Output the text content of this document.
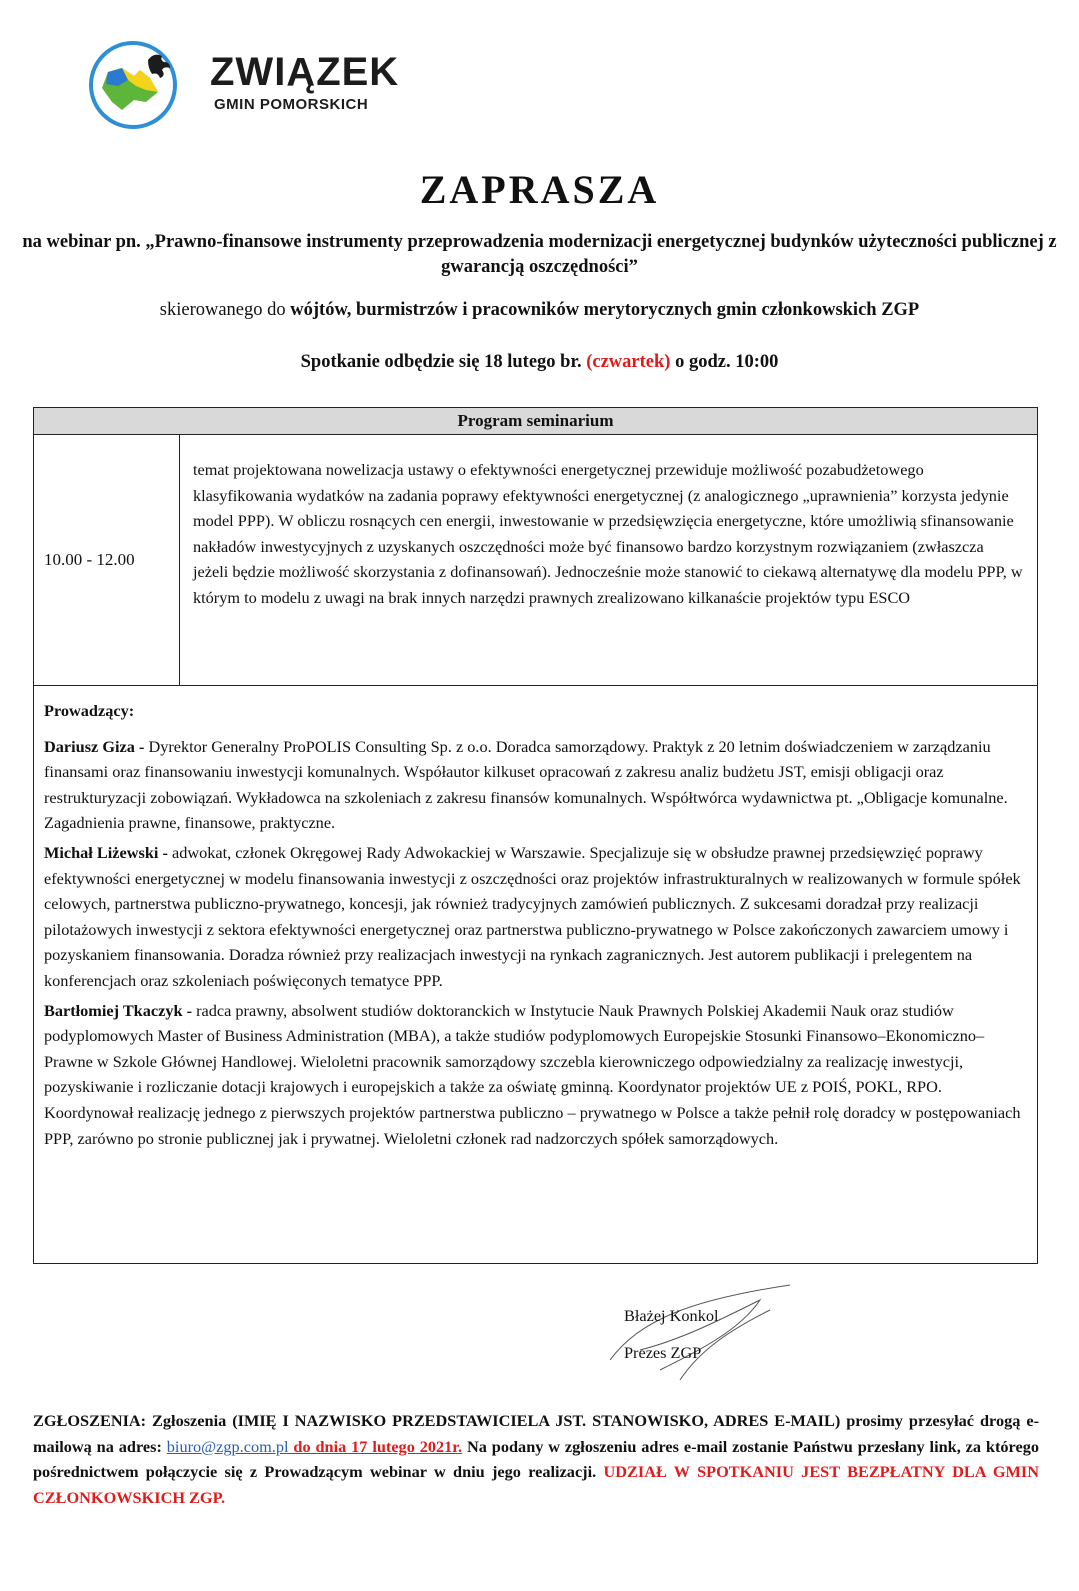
ZWIĄZEK
GMIN POMORSKICH
ZAPRASZA
na webinar pn. „Prawno-finansowe instrumenty przeprowadzenia modernizacji energetycznej budynków użyteczności publicznej z gwarancją oszczędności”
skierowanego do wójtów, burmistrzów i pracowników merytorycznych gmin członkowskich ZGP
Spotkanie odbędzie się 18 lutego br. (czwartek) o godz. 10:00
Program seminarium
10.00 - 12.00
temat projektowana nowelizacja ustawy o efektywności energetycznej przewiduje możliwość pozabudżetowego klasyfikowania wydatków na zadania poprawy efektywności energetycznej (z analogicznego „uprawnienia” korzysta jedynie model PPP). W obliczu rosnących cen energii, inwestowanie w przedsięwzięcia energetyczne, które umożliwią sfinansowanie nakładów inwestycyjnych z uzyskanych oszczędności może być finansowo bardzo korzystnym rozwiązaniem (zwłaszcza jeżeli będzie możliwość skorzystania z dofinansowań). Jednocześnie może stanowić to ciekawą alternatywę dla modelu PPP, w którym to modelu z uwagi na brak innych narzędzi prawnych zrealizowano kilkanaście projektów typu ESCO

Prowadzący:

Dariusz Giza - Dyrektor Generalny ProPOLIS Consulting Sp. z o.o. Doradca samorządowy. Praktyk z 20 letnim doświadczeniem w zarządzaniu finansami oraz finansowaniu inwestycji komunalnych. Współautor kilkuset opracowań z zakresu analiz budżetu JST, emisji obligacji oraz restrukturyzacji zobowiązań. Wykładowca na szkoleniach z zakresu finansów komunalnych. Współtwórca wydawnictwa pt. „Obligacje komunalne. Zagadnienia prawne, finansowe, praktyczne.

Michał Liżewski - adwokat, członek Okręgowej Rady Adwokackiej w Warszawie. Specjalizuje się w obsłudze prawnej przedsięwzięć poprawy efektywności energetycznej w modelu finansowania inwestycji z oszczędności oraz projektów infrastrukturalnych w realizowanych w formule spółek celowych, partnerstwa publiczno-prywatnego, koncesji, jak również tradycyjnych zamówień publicznych. Z sukcesami doradzał przy realizacji pilotażowych inwestycji z sektora efektywności energetycznej oraz partnerstwa publiczno-prywatnego w Polsce zakończonych zawarciem umowy i pozyskaniem finansowania. Doradza również przy realizacjach inwestycji na rynkach zagranicznych. Jest autorem publikacji i prelegentem na konferencjach oraz szkoleniach poświęconych tematyce PPP.

Bartłomiej Tkaczyk - radca prawny, absolwent studiów doktoranckich w Instytucie Nauk Prawnych Polskiej Akademii Nauk oraz studiów podyplomowych Master of Business Administration (MBA), a także studiów podyplomowych Europejskie Stosunki Finansowo–Ekonomiczno–Prawne w Szkole Głównej Handlowej. Wieloletni pracownik samorządowy szczebla kierowniczego odpowiedzialny za realizację inwestycji, pozyskiwanie i rozliczanie dotacji krajowych i europejskich a także za oświatę gminną. Koordynator projektów UE z POIŚ, POKL, RPO. Koordynował realizację jednego z pierwszych projektów partnerstwa publiczno – prywatnego w Polsce a także pełnił rolę doradcy w postępowaniach PPP, zarówno po stronie publicznej jak i prywatnej. Wieloletni członek rad nadzorczych spółek samorządowych.

Błażej Konkol
Prezes ZGP
ZGŁOSZENIA: Zgłoszenia (IMIĘ I NAZWISKO PRZEDSTAWICIELA JST. STANOWISKO, ADRES E-MAIL) prosimy przesyłać drogą e-mailową na adres: biuro@zgp.com.pl do dnia 17 lutego 2021r. Na podany w zgłoszeniu adres e-mail zostanie Państwu przesłany link, za którego pośrednictwem połączycie się z Prowadzącym webinar w dniu jego realizacji. UDZIAŁ W SPOTKANIU JEST BEZPŁATNY DLA GMIN CZŁONKOWSKICH ZGP.
